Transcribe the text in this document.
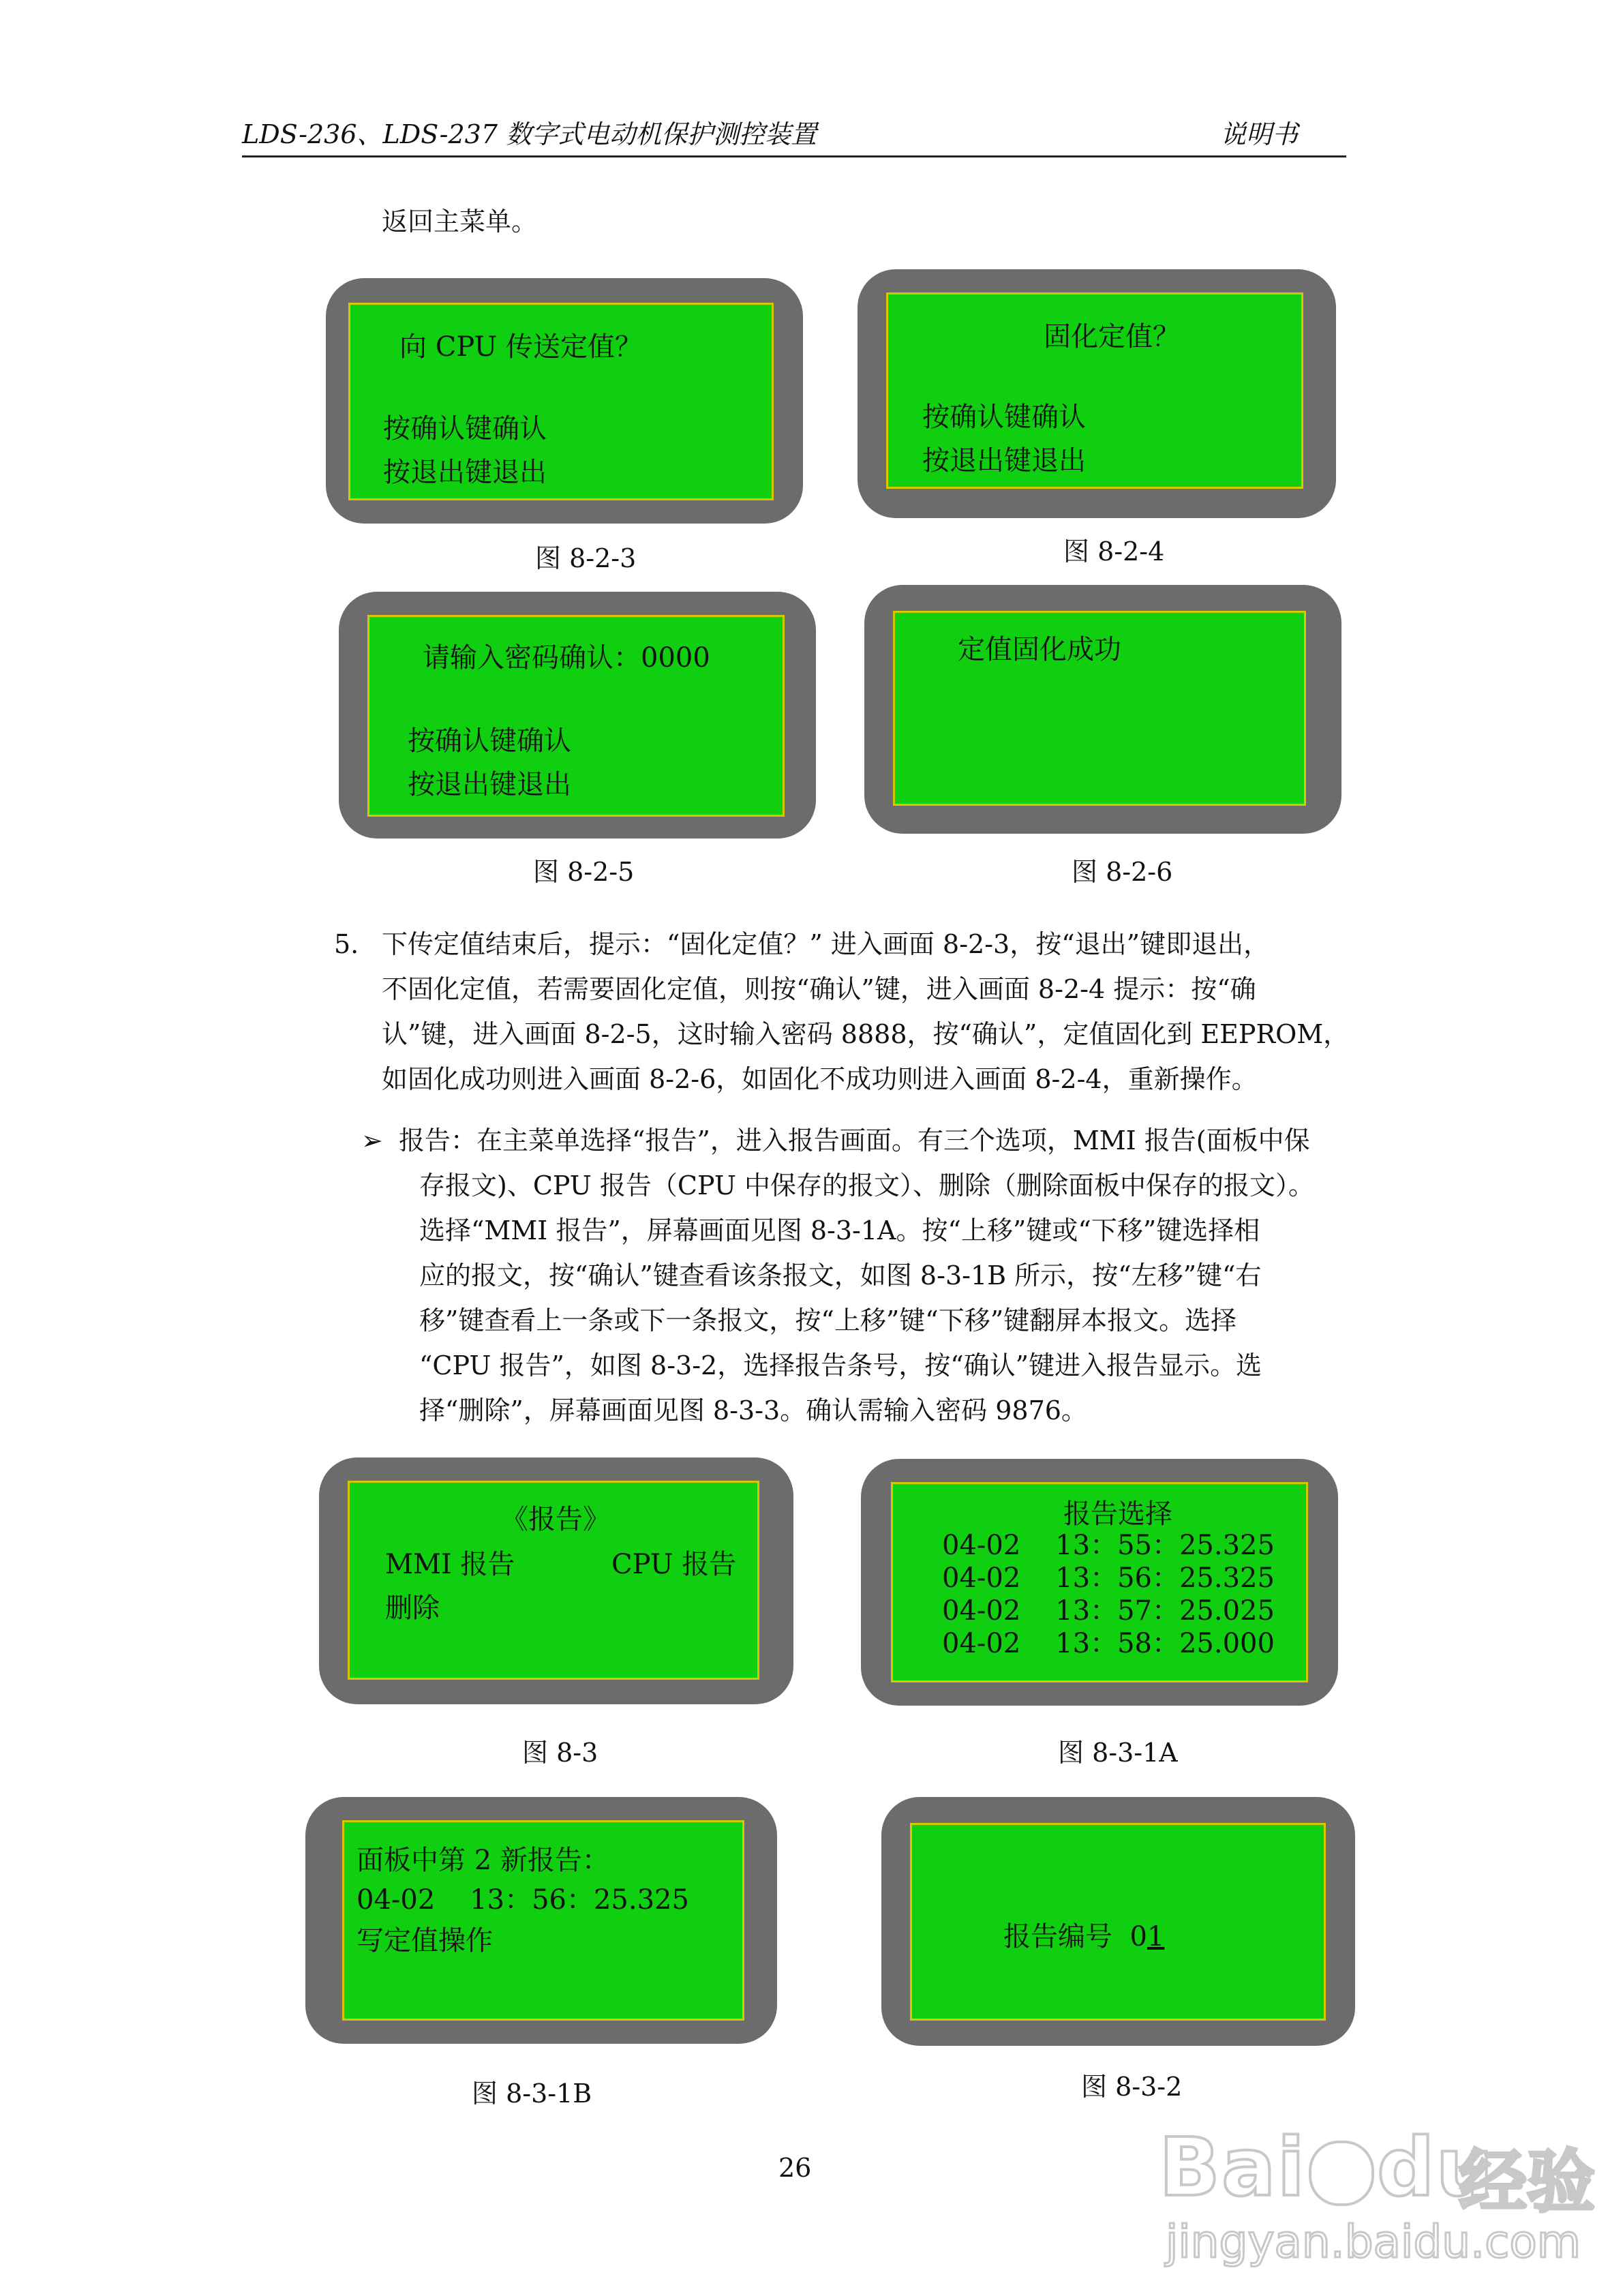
LDS-236、LDS-237 数字式电动机保护测控装置	说明书
返回主菜单。
向 CPU 传送定值？
按确认键确认
按退出键退出
图 8-2-3
固化定值？
按确认键确认
按退出键退出
图 8-2-4
请输入密码确认：0000
按确认键确认
按退出键退出
图 8-2-5
定值固化成功
图 8-2-6
5. 下传定值结束后，提示：“固化定值？” 进入画面 8-2-3，按“退出”键即退出，
不固化定值，若需要固化定值，则按“确认”键，进入画面 8-2-4 提示：按“确
认”键，进入画面 8-2-5，这时输入密码 8888，按“确认”，定值固化到 EEPROM，
如固化成功则进入画面 8-2-6，如固化不成功则进入画面 8-2-4，重新操作。
➢ 报告：在主菜单选择“报告”，进入报告画面。有三个选项，MMI 报告(面板中保
存报文)、CPU 报告（CPU 中保存的报文）、删除（删除面板中保存的报文）。
选择“MMI 报告”，屏幕画面见图 8-3-1A。按“上移”键或“下移”键选择相
应的报文，按“确认”键查看该条报文，如图 8-3-1B 所示，按“左移”键“右
移”键查看上一条或下一条报文，按“上移”键“下移”键翻屏本报文。选择
“CPU 报告”，如图 8-3-2，选择报告条号，按“确认”键进入报告显示。选
择“删除”，屏幕画面见图 8-3-3。确认需输入密码 9876。
《报告》
MMI 报告	CPU 报告
删除
图 8-3
报告选择
04-02    13：55：25.325
04-02    13：56：25.325
04-02    13：57：25.025
04-02    13：58：25.000
图 8-3-1A
面板中第 2 新报告：
04-02    13：56：25.325
写定值操作
图 8-3-1B
报告编号 01
图 8-3-2
26	Bai du
经验
jingyan.baidu.com
